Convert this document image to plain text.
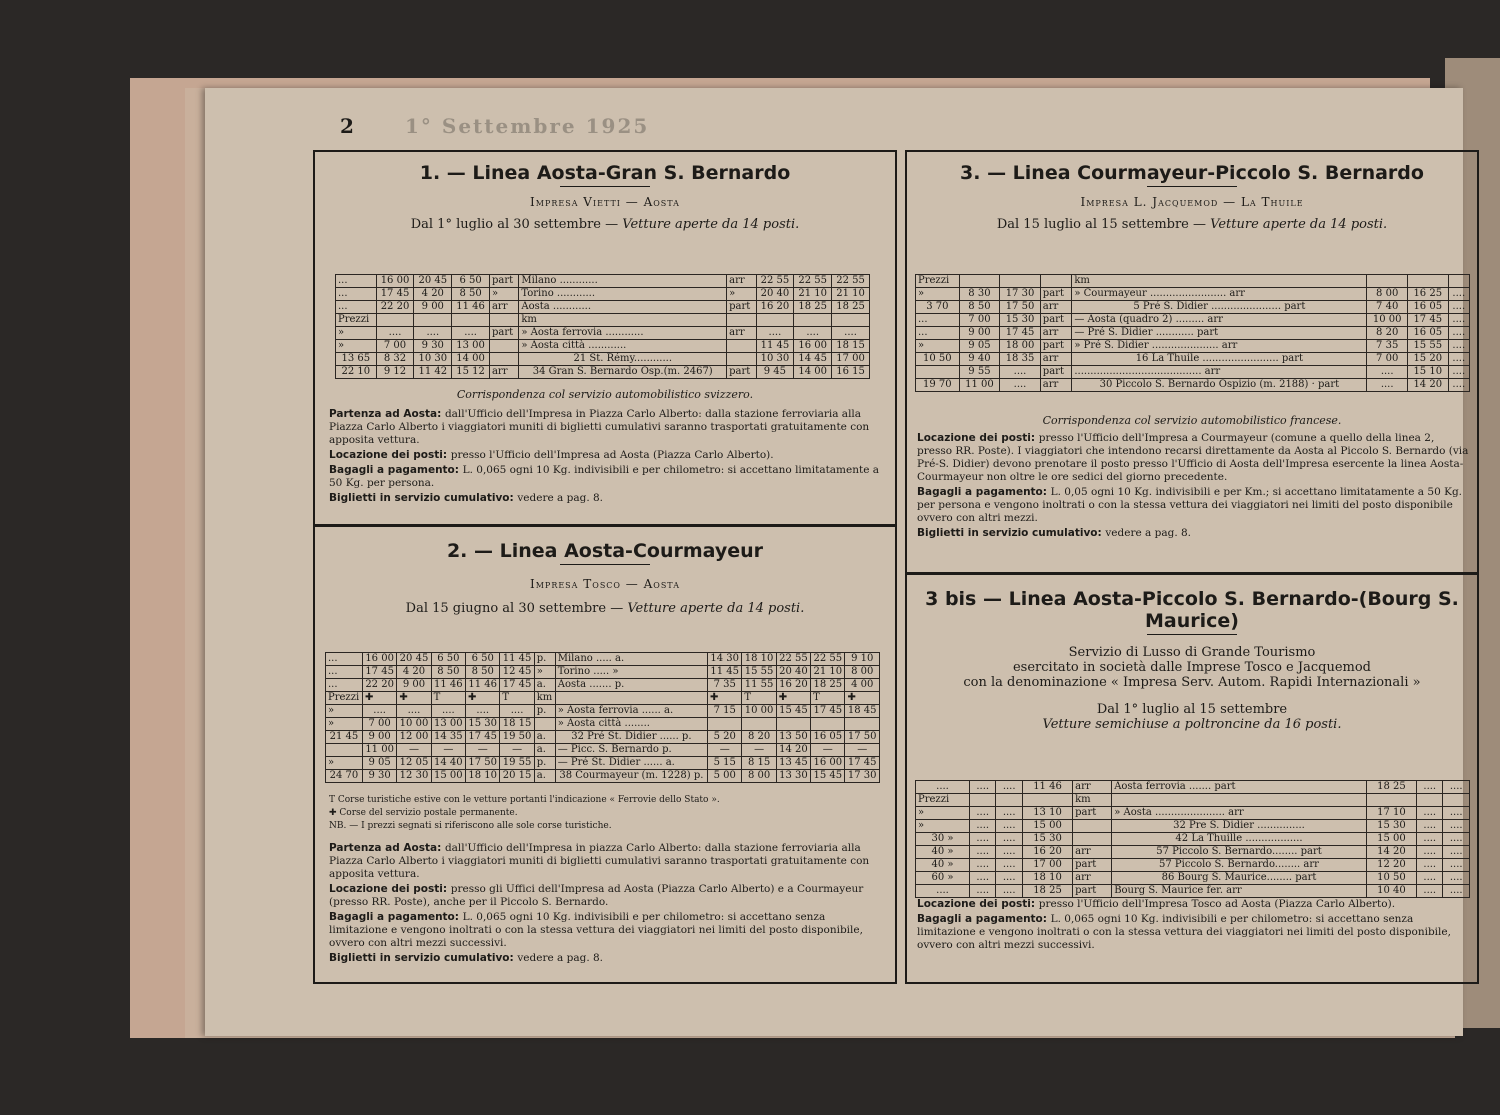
2	1° Settembre 1925
1. — Linea Aosta-Gran S. Bernardo
Impresa Vietti — Aosta
Dal 1° luglio al 30 settembre — Vetture aperte da 14 posti.
...	16 00	20 45	6 50	part	Milano ............	arr	22 55	22 55	22 55
...	17 45	4 20	8 50	»	Torino ............	»	20 40	21 10	21 10
...	22 20	9 00	11 46	arr	Aosta ............	part	16 20	18 25	18 25
Prezzi					km				
»	....	....	....	part	» Aosta ferrovia ............	arr	....	....	....
»	7 00	9 30	13 00		» Aosta città ............		11 45	16 00	18 15
13 65	8 32	10 30	14 00		21 St. Rémy............		10 30	14 45	17 00
22 10	9 12	11 42	15 12	arr	34 Gran S. Bernardo Osp.(m. 2467)	part	9 45	14 00	16 15
Corrispondenza col servizio automobilistico svizzero.
Partenza ad Aosta: dall'Ufficio dell'Impresa in Piazza Carlo Alberto: dalla stazione ferroviaria alla Piazza Carlo Alberto i viaggiatori muniti di biglietti cumulativi saranno trasportati gratuitamente con apposita vettura.
Locazione dei posti: presso l'Ufficio dell'Impresa ad Aosta (Piazza Carlo Alberto).
Bagagli a pagamento: L. 0,065 ogni 10 Kg. indivisibili e per chilometro: si accettano limitatamente a 50 Kg. per persona.
Biglietti in servizio cumulativo: vedere a pag. 8.
2. — Linea Aosta-Courmayeur
Impresa Tosco — Aosta
Dal 15 giugno al 30 settembre — Vetture aperte da 14 posti.
...	16 00	20 45	6 50	6 50	11 45	p.	Milano ..... a.	14 30	18 10	22 55	22 55	9 10
...	17 45	4 20	8 50	8 50	12 45	»	Torino ..... »	11 45	15 55	20 40	21 10	8 00
...	22 20	9 00	11 46	11 46	17 45	a.	Aosta ....... p.	7 35	11 55	16 20	18 25	4 00
Prezzi	✚	✚	T	✚	T	km		✚	T	✚	T	✚
»	....	....	....	....	....	p.	» Aosta ferrovia ...... a.	7 15	10 00	15 45	17 45	18 45
»	7 00	10 00	13 00	15 30	18 15		» Aosta città ........					
21 45	9 00	12 00	14 35	17 45	19 50	a.	32 Pré St. Didier ...... p.	5 20	8 20	13 50	16 05	17 50
	11 00	—	—	—	—	a.	— Picc. S. Bernardo p.	—	—	14 20	—	—
»	9 05	12 05	14 40	17 50	19 55	p.	— Pré St. Didier ...... a.	5 15	8 15	13 45	16 00	17 45
24 70	9 30	12 30	15 00	18 10	20 15	a.	38 Courmayeur (m. 1228) p.	5 00	8 00	13 30	15 45	17 30
T Corse turistiche estive con le vetture portanti l'indicazione « Ferrovie dello Stato ».
✚ Corse del servizio postale permanente.
NB. — I prezzi segnati si riferiscono alle sole corse turistiche.
Partenza ad Aosta: dall'Ufficio dell'Impresa in piazza Carlo Alberto: dalla stazione ferroviaria alla Piazza Carlo Alberto i viaggiatori muniti di biglietti cumulativi saranno trasportati gratuitamente con apposita vettura.
Locazione dei posti: presso gli Uffici dell'Impresa ad Aosta (Piazza Carlo Alberto) e a Courmayeur (presso RR. Poste), anche per il Piccolo S. Bernardo.
Bagagli a pagamento: L. 0,065 ogni 10 Kg. indivisibili e per chilometro: si accettano senza limitazione e vengono inoltrati o con la stessa vettura dei viaggiatori nei limiti del posto disponibile, ovvero con altri mezzi successivi.
Biglietti in servizio cumulativo: vedere a pag. 8.
3. — Linea Courmayeur-Piccolo S. Bernardo
Impresa L. Jacquemod — La Thuile
Dal 15 luglio al 15 settembre — Vetture aperte da 14 posti.
Prezzi				km			
»	8 30	17 30	part	» Courmayeur ........................ arr	8 00	16 25	....
3 70	8 50	17 50	arr	5 Pré S. Didier ...................... part	7 40	16 05	....
...	7 00	15 30	part	— Aosta (quadro 2) ......... arr	10 00	17 45	....
...	9 00	17 45	arr	— Pré S. Didier ............ part	8 20	16 05	....
»	9 05	18 00	part	» Pré S. Didier ..................... arr	7 35	15 55	....
10 50	9 40	18 35	arr	16 La Thuile ........................ part	7 00	15 20	....
	9 55	....	part	........................................ arr	....	15 10	....
19 70	11 00	....	arr	30 Piccolo S. Bernardo Ospizio (m. 2188) · part	....	14 20	....
Corrispondenza col servizio automobilistico francese.
Locazione dei posti: presso l'Ufficio dell'Impresa a Courmayeur (comune a quello della linea 2, presso RR. Poste). I viaggiatori che intendono recarsi direttamente da Aosta al Piccolo S. Bernardo (via Pré-S. Didier) devono prenotare il posto presso l'Ufficio di Aosta dell'Impresa esercente la linea Aosta-Courmayeur non oltre le ore sedici del giorno precedente.
Bagagli a pagamento: L. 0,05 ogni 10 Kg. indivisibili e per Km.; si accettano limitatamente a 50 Kg. per persona e vengono inoltrati o con la stessa vettura dei viaggiatori nei limiti del posto disponibile ovvero con altri mezzi.
Biglietti in servizio cumulativo: vedere a pag. 8.
3 bis — Linea Aosta-Piccolo S. Bernardo-(Bourg S. Maurice)
Servizio di Lusso di Grande Tourismo
esercitato in società dalle Imprese Tosco e Jacquemod
con la denominazione « Impresa Serv. Autom. Rapidi Internazionali »
Dal 1° luglio al 15 settembre
Vetture semichiuse a poltroncine da 16 posti.
....	....	....	11 46	arr	Aosta ferrovia ....... part	18 25	....	....
Prezzi				km				
»	....	....	13 10	part	» Aosta ...................... arr	17 10	....	....
»	....	....	15 00		32 Pre S. Didier ...............	15 30	....	....
30 »	....	....	15 30		42 La Thuille ..................	15 00	....	....
40 »	....	....	16 20	arr	57 Piccolo S. Bernardo........ part	14 20	....	....
40 »	....	....	17 00	part	57 Piccolo S. Bernardo........ arr	12 20	....	....
60 »	....	....	18 10	arr	86 Bourg S. Maurice........ part	10 50	....	....
....	....	....	18 25	part	Bourg S. Maurice fer. arr	10 40	....	....
Locazione dei posti: presso l'Ufficio dell'Impresa Tosco ad Aosta (Piazza Carlo Alberto).
Bagagli a pagamento: L. 0,065 ogni 10 Kg. indivisibili e per chilometro: si accettano senza limitazione e vengono inoltrati o con la stessa vettura dei viaggiatori nei limiti del posto disponibile, ovvero con altri mezzi successivi.
